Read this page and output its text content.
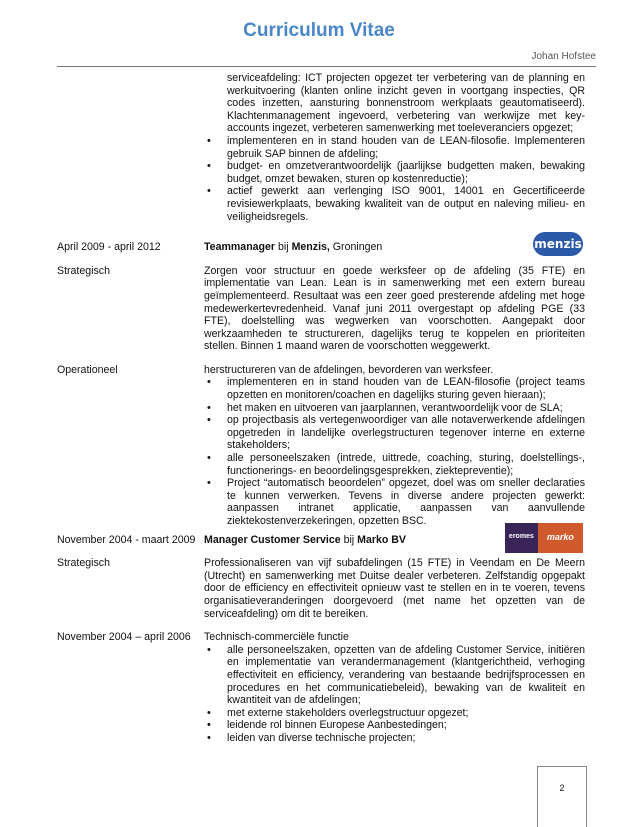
Curriculum Vitae
Johan Hofstee
serviceafdeling: ICT projecten opgezet ter verbetering van de planning en werkuitvoering (klanten online inzicht geven in voortgang inspecties, QR codes inzetten, aansturing bonnenstroom werkplaats geautomatiseerd). Klachtenmanagement ingevoerd, verbetering van werkwijze met key-accounts ingezet, verbeteren samenwerking met toeleveranciers opgezet;
• implementeren en in stand houden van de LEAN-filosofie. Implementeren gebruik SAP binnen de afdeling;
• budget- en omzetverantwoordelijk (jaarlijkse budgetten maken, bewaking budget, omzet bewaken, sturen op kostenreductie);
• actief gewerkt aan verlenging ISO 9001, 14001 en Gecertificeerde revisiewerkplaats, bewaking kwaliteit van de output en naleving milieu- en veiligheidsregels.
April 2009 - april 2012	Teammanager bij Menzis, Groningen	menzis
Strategisch	Zorgen voor structuur en goede werksfeer op de afdeling (35 FTE) en implementatie van Lean. Lean is in samenwerking met een extern bureau geïmplementeerd. Resultaat was een zeer goed presterende afdeling met hoge medewerkertevredenheid. Vanaf juni 2011 overgestapt op afdeling PGE (33 FTE), doelstelling was wegwerken van voorschotten. Aangepakt door werkzaamheden te structureren, dagelijks terug te koppelen en prioriteiten stellen. Binnen 1 maand waren de voorschotten weggewerkt.
Operationeel	herstructureren van de afdelingen, bevorderen van werksfeer.
• implementeren en in stand houden van de LEAN-filosofie (project teams opzetten en monitoren/coachen en dagelijks sturing geven hieraan);
• het maken en uitvoeren van jaarplannen, verantwoordelijk voor de SLA;
• op projectbasis als vertegenwoordiger van alle notaverwerkende afdelingen opgetreden in landelijke overlegstructuren tegenover interne en externe stakeholders;
• alle personeelszaken (intrede, uittrede, coaching, sturing, doelstellings-, functionerings- en beoordelingsgesprekken, ziektepreventie);
• Project “automatisch beoordelen” opgezet, doel was om sneller declaraties te kunnen verwerken. Tevens in diverse andere projecten gewerkt: aanpassen intranet applicatie, aanpassen van aanvullende ziektekostenverzekeringen, opzetten BSC.
November 2004 - maart 2009 Manager Customer Service bij Marko BV	eromes	marko
Strategisch	Professionaliseren van vijf subafdelingen (15 FTE) in Veendam en De Meern (Utrecht) en samenwerking met Duitse dealer verbeteren. Zelfstandig opgepakt door de efficiency en effectiviteit opnieuw vast te stellen en in te voeren, tevens organisatieveranderingen doorgevoerd (met name het opzetten van de serviceafdeling) om dit te bereiken.
November 2004 – april 2006	Technisch-commerciële functie
• alle personeelszaken, opzetten van de afdeling Customer Service, initiëren en implementatie van verandermanagement (klantgerichtheid, verhoging effectiviteit en efficiency, verandering van bestaande bedrijfsprocessen en procedures en het communicatiebeleid), bewaking van de kwaliteit en kwantiteit van de afdelingen;
• met externe stakeholders overlegstructuur opgezet;
• leidende rol binnen Europese Aanbestedingen;
• leiden van diverse technische projecten;
2
